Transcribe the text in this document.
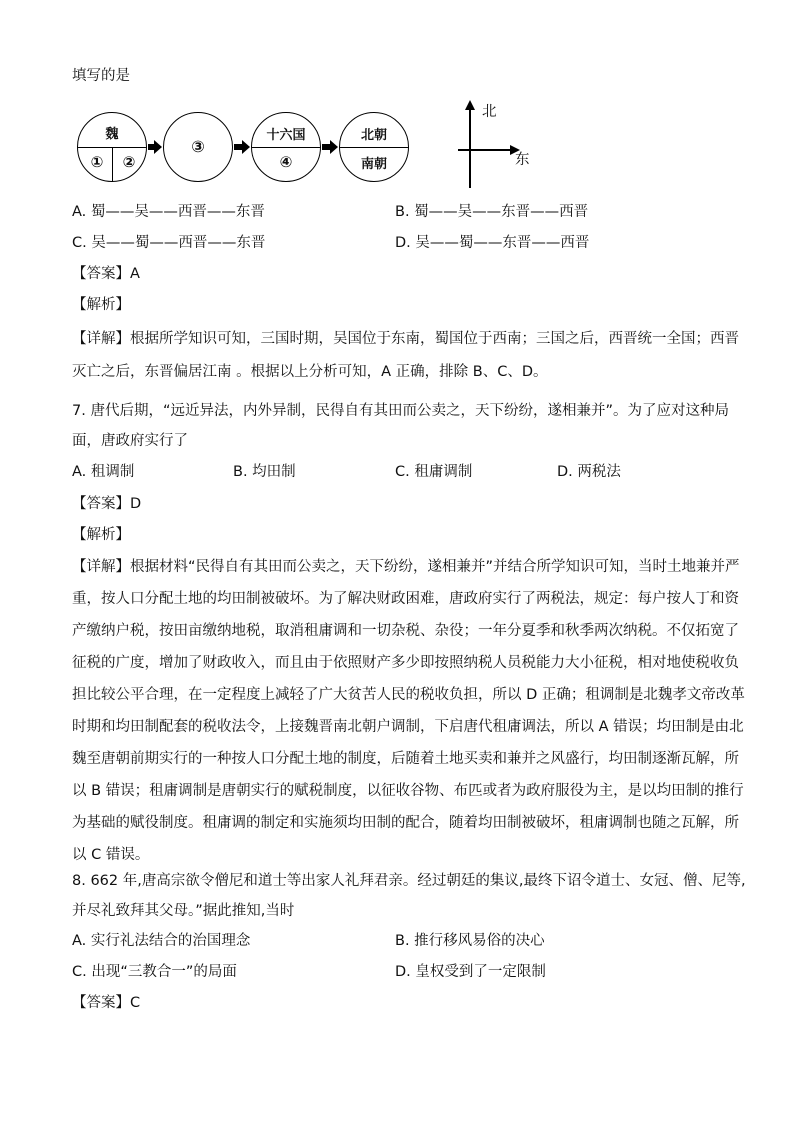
填写的是
魏
①	②
③
十六国
④
北朝
南朝
北
东
A. 蜀——吴——西晋——东晋	B. 蜀——吴——东晋——西晋
C. 吴——蜀——西晋——东晋	D. 吴——蜀——东晋——西晋
【答案】A
【解析】
【详解】根据所学知识可知，三国时期，吴国位于东南，蜀国位于西南；三国之后，西晋统一全国；西晋
灭亡之后，东晋偏居江南 。根据以上分析可知，A 正确，排除 B、C、D。
7. 唐代后期，“远近异法，内外异制，民得自有其田而公卖之，天下纷纷，遂相兼并”。为了应对这种局
面，唐政府实行了
A. 租调制	B. 均田制	C. 租庸调制	D. 两税法
【答案】D
【解析】
【详解】根据材料“民得自有其田而公卖之，天下纷纷，遂相兼并”并结合所学知识可知，当时土地兼并严
重，按人口分配土地的均田制被破坏。为了解决财政困难，唐政府实行了两税法，规定：每户按人丁和资
产缴纳户税，按田亩缴纳地税，取消租庸调和一切杂税、杂役；一年分夏季和秋季两次纳税。不仅拓宽了
征税的广度，增加了财政收入，而且由于依照财产多少即按照纳税人员税能力大小征税，相对地使税收负
担比较公平合理，在一定程度上减轻了广大贫苦人民的税收负担，所以 D 正确；租调制是北魏孝文帝改革
时期和均田制配套的税收法令，上接魏晋南北朝户调制，下启唐代租庸调法，所以 A 错误；均田制是由北
魏至唐朝前期实行的一种按人口分配土地的制度，后随着土地买卖和兼并之风盛行，均田制逐渐瓦解，所
以 B 错误；租庸调制是唐朝实行的赋税制度，以征收谷物、布匹或者为政府服役为主，是以均田制的推行
为基础的赋役制度。租庸调的制定和实施须均田制的配合，随着均田制被破坏，租庸调制也随之瓦解，所
以 C 错误。
8. 662 年,唐高宗欲令僧尼和道士等出家人礼拜君亲。经过朝廷的集议,最终下诏令道士、女冠、僧、尼等,
并尽礼致拜其父母。”据此推知,当时
A. 实行礼法结合的治国理念	B. 推行移风易俗的决心
C. 出现“三教合一”的局面	D. 皇权受到了一定限制
【答案】C
